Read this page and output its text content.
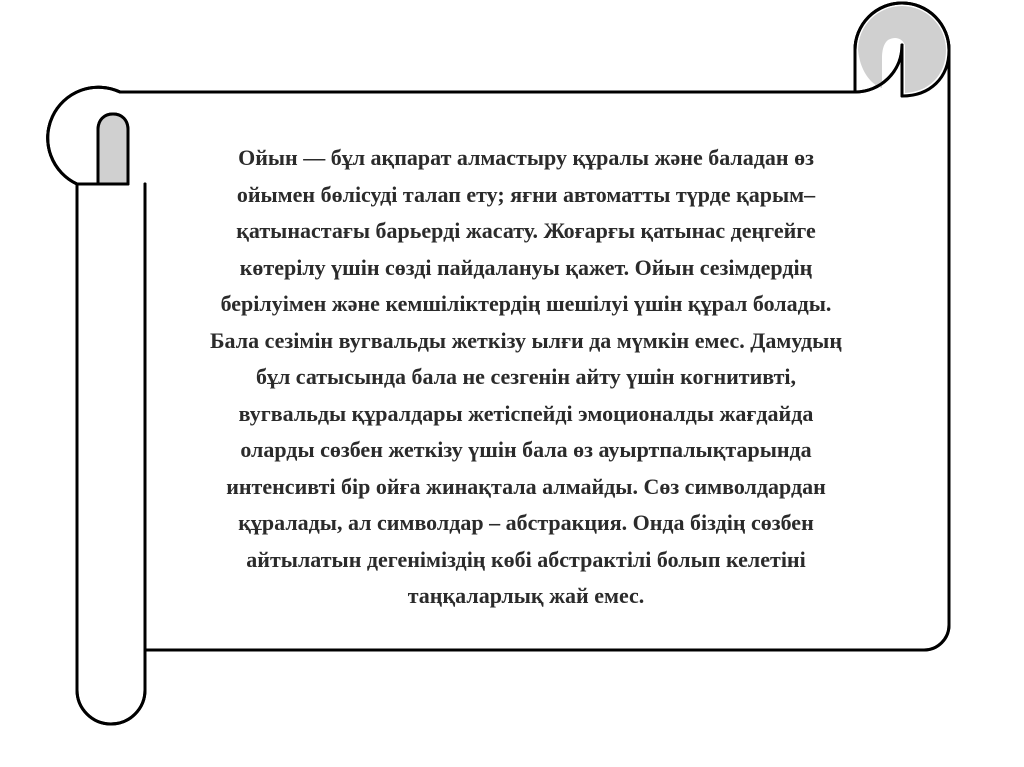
Ойын — бұл ақпарат алмастыру құралы және баладан өз
ойымен бөлісуді талап ету; яғни автоматты түрде қарым–
қатынастағы барьерді жасату. Жоғарғы қатынас деңгейге
көтерілу үшін сөзді пайдалануы қажет. Ойын сезімдердің
берілуімен және кемшіліктердің шешілуі үшін құрал болады.
Бала сезімін вугвальды жеткізу ылғи да мүмкін емес. Дамудың
бұл сатысында бала не сезгенін айту үшін когнитивті,
вугвальды құралдары жетіспейді эмоционалды жағдайда
оларды сөзбен жеткізу үшін бала өз ауыртпалықтарында
интенсивті бір ойға жинақтала алмайды. Сөз символдардан
құралады, ал символдар – абстракция. Онда біздің сөзбен
айтылатын дегеніміздің көбі абстрактілі болып келетіні
таңқаларлық жай емес.
